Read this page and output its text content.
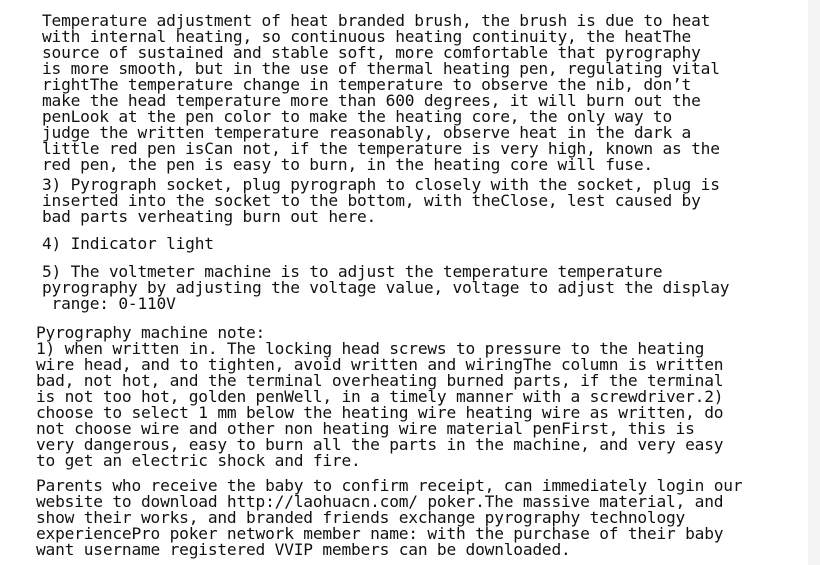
Temperature adjustment of heat branded brush, the brush is due to heat
with internal heating, so continuous heating continuity, the heatThe
source of sustained and stable soft, more comfortable that pyrography
is more smooth, but in the use of thermal heating pen, regulating vital
rightThe temperature change in temperature to observe the nib, don’t
make the head temperature more than 600 degrees, it will burn out the
penLook at the pen color to make the heating core, the only way to
judge the written temperature reasonably, observe heat in the dark a
little red pen isCan not, if the temperature is very high, known as the
red pen, the pen is easy to burn, in the heating core will fuse.
3) Pyrograph socket, plug pyrograph to closely with the socket, plug is
inserted into the socket to the bottom, with theClose, lest caused by
bad parts verheating burn out here.
4) Indicator light
5) The voltmeter machine is to adjust the temperature temperature
pyrography by adjusting the voltage value, voltage to adjust the display
range: 0-110V
Pyrography machine note:
1) when written in. The locking head screws to pressure to the heating
wire head, and to tighten, avoid written and wiringThe column is written
bad, not hot, and the terminal overheating burned parts, if the terminal
is not too hot, golden penWell, in a timely manner with a screwdriver.2)
choose to select 1 mm below the heating wire heating wire as written, do
not choose wire and other non heating wire material penFirst, this is
very dangerous, easy to burn all the parts in the machine, and very easy
to get an electric shock and fire.
Parents who receive the baby to confirm receipt, can immediately login our
website to download http://laohuacn.com/ poker.The massive material, and
show their works, and branded friends exchange pyrography technology
experiencePro poker network member name: with the purchase of their baby
want username registered VVIP members can be downloaded.
